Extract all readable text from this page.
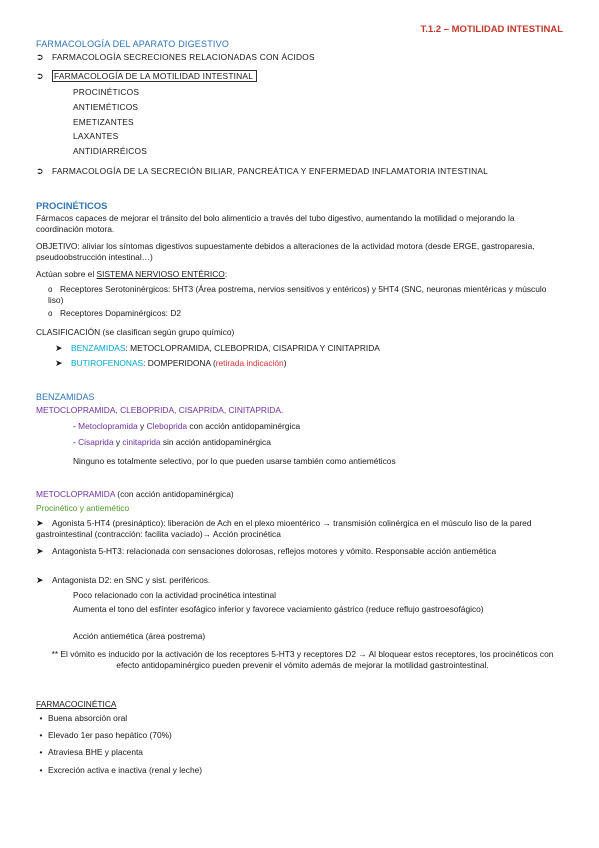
T.1.2 – MOTILIDAD INTESTINAL
FARMACOLOGÍA DEL APARATO DIGESTIVO
➲ FARMACOLOGÍA SECRECIONES RELACIONADAS CON ÁCIDOS
➲ FARMACOLOGÍA DE LA MOTILIDAD INTESTINAL
PROCINÉTICOS
ANTIEMÉTICOS
EMETIZANTES
LAXANTES
ANTIDIARRÉICOS
➲ FARMACOLOGÍA DE LA SECRECIÓN BILIAR, PANCREÁTICA Y ENFERMEDAD INFLAMATORIA INTESTINAL
PROCINÉTICOS
Fármacos capaces de mejorar el tránsito del bolo alimenticio a través del tubo digestivo, aumentando la motilidad o mejorando la coordinación motora.
OBJETIVO: aliviar los síntomas digestivos supuestamente debidos a alteraciones de la actividad motora (desde ERGE, gastroparesia, pseudoobstrucción intestinal…)
Actúan sobre el SISTEMA NERVIOSO ENTÉRICO:
o Receptores Serotoninérgicos: 5HT3 (Área postrema, nervios sensitivos y entéricos) y 5HT4 (SNC, neuronas mientéricas y músculo liso)
o Receptores Dopaminérgicos: D2
CLASIFICACIÓN (se clasifican según grupo químico)
➤ BENZAMIDAS: METOCLOPRAMIDA, CLEBOPRIDA, CISAPRIDA Y CINITAPRIDA
➤ BUTIROFENONAS: DOMPERIDONA (retirada indicación)
BENZAMIDAS
METOCLOPRAMIDA, CLEBOPRIDA, CISAPRIDA, CINITAPRIDA.
- Metoclopramida y Cleboprida con acción antidopaminérgica
- Cisaprida y cinitaprida sin acción antidopaminérgica
Ninguno es totalmente selectivo, por lo que pueden usarse también como antieméticos
METOCLOPRAMIDA (con acción antidopaminérgica)
Procinético y antiemético
➤ Agonista 5-HT4 (presináptico): liberación de Ach en el plexo mioentérico → transmisión colinérgica en el músculo liso de la pared gastrointestinal (contracción: facilita vaciado)→ Acción procinética
➤ Antagonista 5-HT3: relacionada con sensaciones dolorosas, reflejos motores y vómito. Responsable acción antiemética
➤ Antagonista D2: en SNC y sist. periféricos.
Poco relacionado con la actividad procinética intestinal
Aumenta el tono del esfínter esofágico inferior y favorece vaciamiento gástrico (reduce reflujo gastroesofágico)
Acción antiemética (área postrema)
** El vómito es inducido por la activación de los receptores 5-HT3 y receptores D2 → Al bloquear estos receptores, los procinéticos con efecto antidopaminérgico pueden prevenir el vómito además de mejorar la motilidad gastrointestinal.
FARMACOCINÉTICA
• Buena absorción oral
• Elevado 1er paso hepático (70%)
• Atraviesa BHE y placenta
• Excreción activa e inactiva (renal y leche)
